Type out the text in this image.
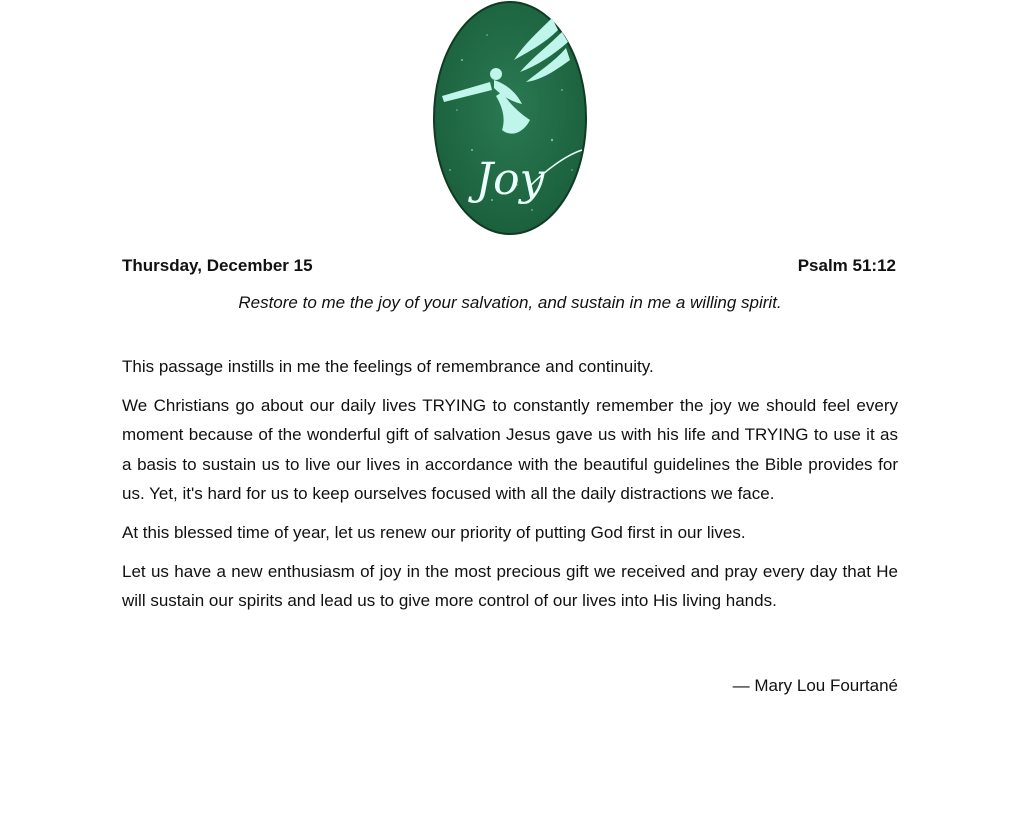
Joy
Thursday, December 15	Psalm 51:12
Restore to me the joy of your salvation, and sustain in me a willing spirit.

This passage instills in me the feelings of remembrance and continuity.

We Christians go about our daily lives TRYING to constantly remember the joy we should feel every moment because of the wonderful gift of salvation Jesus gave us with his life and TRYING to use it as a basis to sustain us to live our lives in accordance with the beautiful guidelines the Bible provides for us. Yet, it's hard for us to keep ourselves focused with all the daily distractions we face.

At this blessed time of year, let us renew our priority of putting God first in our lives.

Let us have a new enthusiasm of joy in the most precious gift we received and pray every day that He will sustain our spirits and lead us to give more control of our lives into His living hands.

— Mary Lou Fourtané
